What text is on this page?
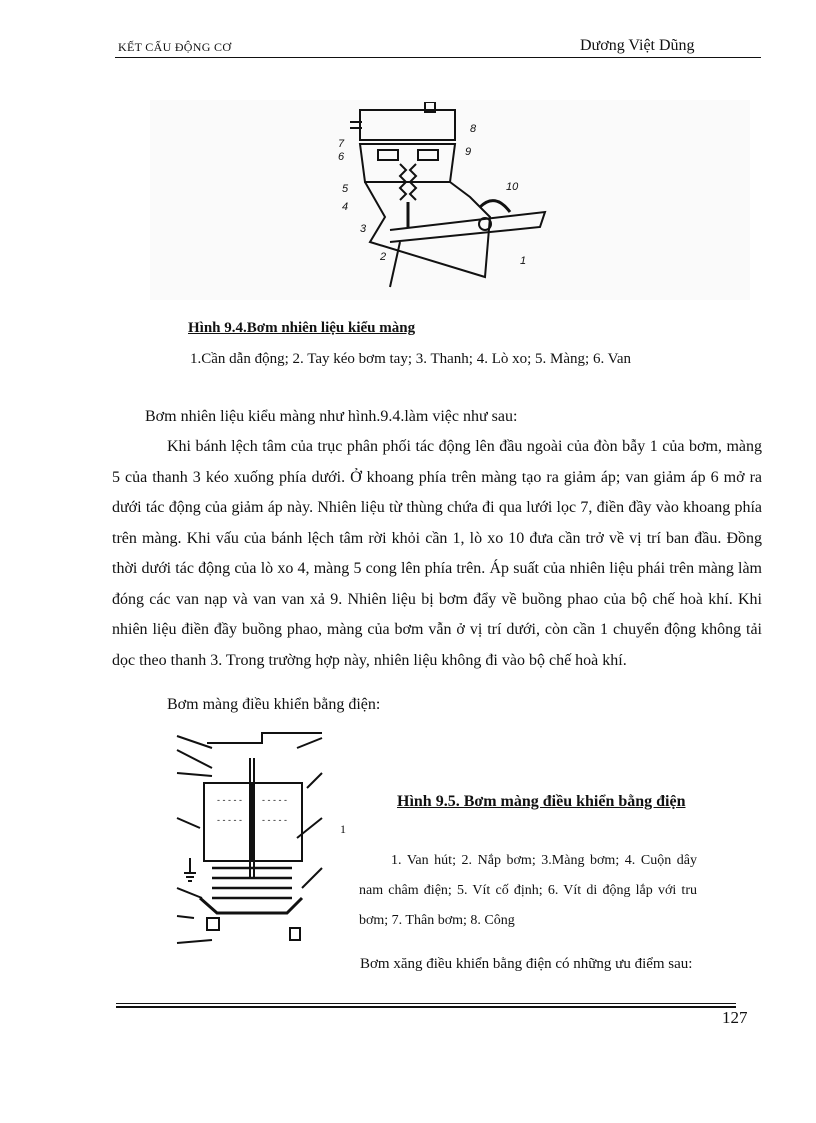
KẾT CẤU ĐỘNG CƠ	Dương Việt Dũng
8
7
6	9
5	10
4
3
1
2
Hình 9.4.Bơm nhiên liệu kiểu màng
1.Cần dẫn động; 2. Tay kéo bơm tay; 3. Thanh; 4. Lò xo; 5. Màng; 6. Van
Bơm nhiên liệu kiểu màng như hình.9.4.làm việc như sau:
Khi bánh lệch tâm của trục phân phối tác động lên đầu ngoài của đòn bẫy 1 của bơm, màng 5 của thanh 3 kéo xuống phía dưới. Ở khoang phía trên màng tạo ra giảm áp; van giảm áp 6 mở ra dưới tác động của giảm áp này. Nhiên liệu từ thùng chứa đi qua lưới lọc 7, điền đầy vào khoang phía trên màng. Khi vấu của bánh lệch tâm rời khỏi cần 1, lò xo 10 đưa cần trở về vị trí ban đầu. Đồng thời dưới tác động của lò xo 4, màng 5 cong lên phía trên. Áp suất của nhiên liệu phái trên màng làm đóng các van nạp và van van xả 9. Nhiên liệu bị bơm đẩy về buồng phao của bộ chế hoà khí. Khi nhiên liệu điền đầy buồng phao, màng của bơm vẫn ở vị trí dưới, còn cần 1 chuyển động không tải dọc theo thanh 3. Trong trường hợp này, nhiên liệu không đi vào bộ chế hoà khí.
Bơm màng điều khiển bằng điện:
- - - - -
- - - - -
- - - - -
- - - - -
1
Hình 9.5. Bơm màng điều khiển bằng điện
1. Van hút; 2. Nắp bơm; 3.Màng bơm; 4. Cuộn dây nam châm điện; 5. Vít cố định; 6. Vít di động lắp với tru bơm; 7. Thân bơm; 8. Công
Bơm xăng điều khiển bằng điện có những ưu điểm sau:
127
